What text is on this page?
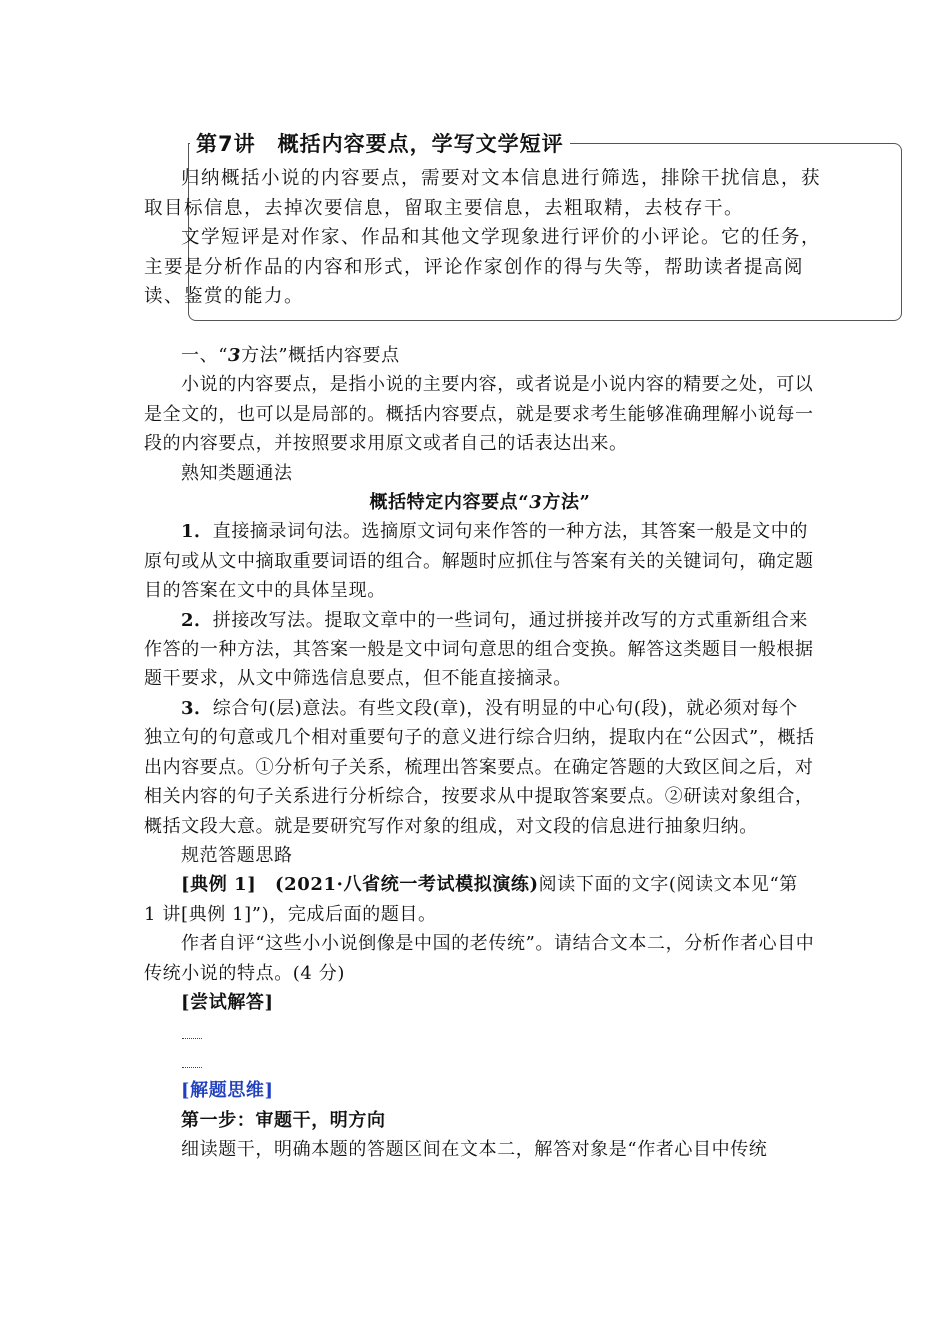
第7讲　概括内容要点，学写文学短评

归纳概括小说的内容要点，需要对文本信息进行筛选，排除干扰信息，获取目标信息，去掉次要信息，留取主要信息，去粗取精，去枝存干。

文学短评是对作家、作品和其他文学现象进行评价的小评论。它的任务，主要是分析作品的内容和形式，评论作家创作的得与失等，帮助读者提高阅读、鉴赏的能力。

一、“3方法”概括内容要点

小说的内容要点，是指小说的主要内容，或者说是小说内容的精要之处，可以是全文的，也可以是局部的。概括内容要点，就是要求考生能够准确理解小说每一段的内容要点，并按照要求用原文或者自己的话表达出来。

熟知类题通法

概括特定内容要点“3方法”

1．直接摘录词句法。选摘原文词句来作答的一种方法，其答案一般是文中的原句或从文中摘取重要词语的组合。解题时应抓住与答案有关的关键词句，确定题目的答案在文中的具体呈现。

2．拼接改写法。提取文章中的一些词句，通过拼接并改写的方式重新组合来作答的一种方法，其答案一般是文中词句意思的组合变换。解答这类题目一般根据题干要求，从文中筛选信息要点，但不能直接摘录。

3．综合句(层)意法。有些文段(章)，没有明显的中心句(段)，就必须对每个独立句的句意或几个相对重要句子的意义进行综合归纳，提取内在“公因式”，概括出内容要点。①分析句子关系，梳理出答案要点。在确定答题的大致区间之后，对相关内容的句子关系进行分析综合，按要求从中提取答案要点。②研读对象组合，概括文段大意。就是要研究写作对象的组成，对文段的信息进行抽象归纳。

规范答题思路

[典例 1]　 (2021·八省统一考试模拟演练)阅读下面的文字(阅读文本见“第 1 讲[典例 1]”)，完成后面的题目。

作者自评“这些小小说倒像是中国的老传统”。请结合文本二，分析作者心目中传统小说的特点。(4 分)

[尝试解答]

[解题思维]

第一步：审题干，明方向

细读题干，明确本题的答题区间在文本二，解答对象是“作者心目中传统
